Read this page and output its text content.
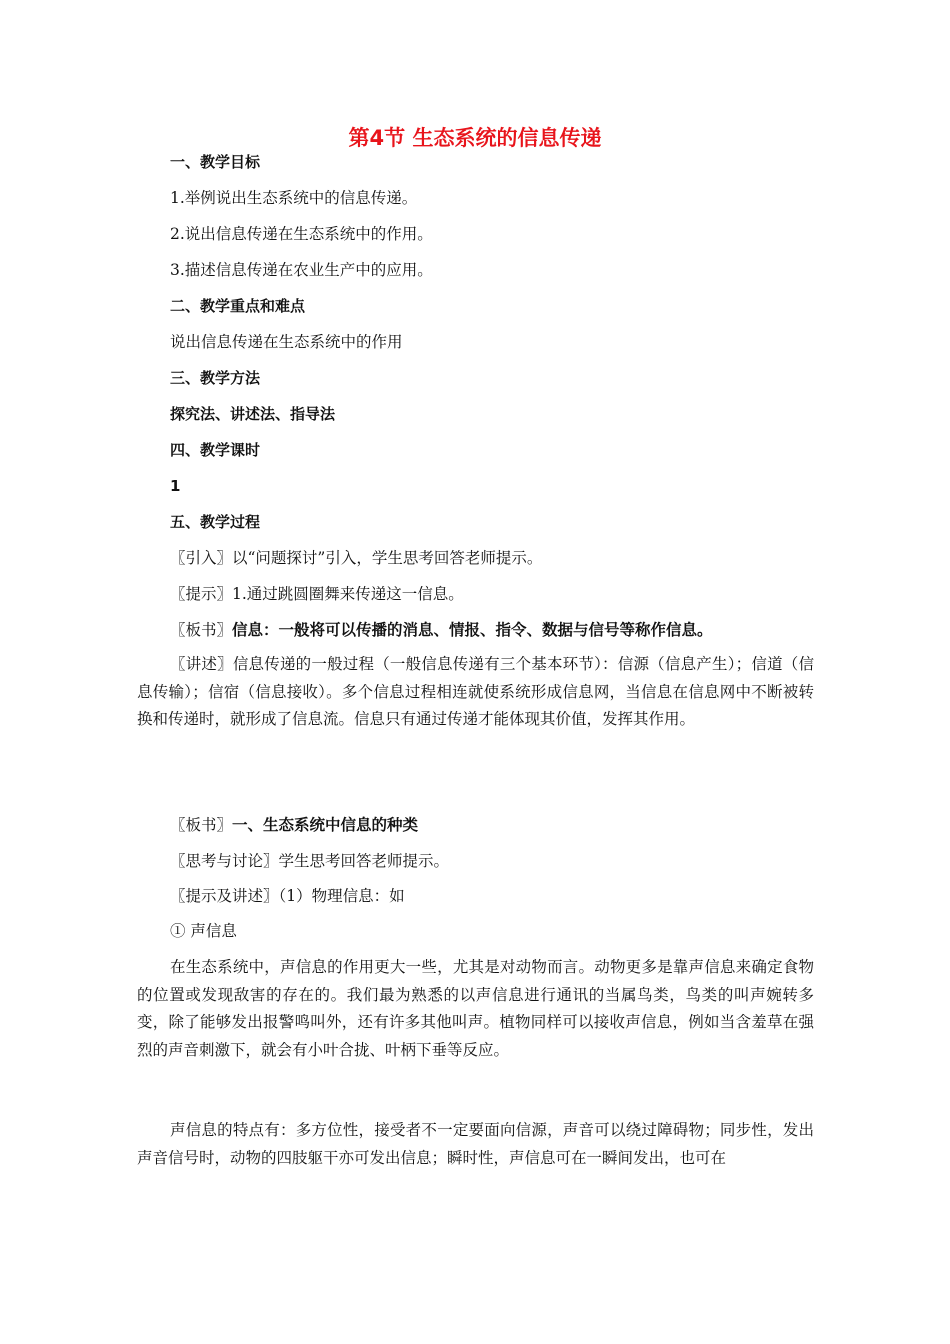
第4节 生态系统的信息传递

一、教学目标

1.举例说出生态系统中的信息传递。

2.说出信息传递在生态系统中的作用。

3.描述信息传递在农业生产中的应用。

二、教学重点和难点

说出信息传递在生态系统中的作用

三、教学方法

探究法、讲述法、指导法

四、教学课时

1

五、教学过程

〖引入〗以“问题探讨”引入，学生思考回答老师提示。

〖提示〗1.通过跳圆圈舞来传递这一信息。

〖板书〗信息：一般将可以传播的消息、情报、指令、数据与信号等称作信息。

〖讲述〗信息传递的一般过程（一般信息传递有三个基本环节）：信源（信息产生）；信道（信息传输）；信宿（信息接收）。多个信息过程相连就使系统形成信息网，当信息在信息网中不断被转换和传递时，就形成了信息流。信息只有通过传递才能体现其价值，发挥其作用。

〖板书〗一、生态系统中信息的种类

〖思考与讨论〗学生思考回答老师提示。

〖提示及讲述〗（1）物理信息：如

① 声信息

在生态系统中，声信息的作用更大一些，尤其是对动物而言。动物更多是靠声信息来确定食物的位置或发现敌害的存在的。我们最为熟悉的以声信息进行通讯的当属鸟类，鸟类的叫声婉转多变，除了能够发出报警鸣叫外，还有许多其他叫声。植物同样可以接收声信息，例如当含羞草在强烈的声音刺激下，就会有小叶合拢、叶柄下垂等反应。

声信息的特点有：多方位性，接受者不一定要面向信源，声音可以绕过障碍物；同步性，发出声音信号时，动物的四肢躯干亦可发出信息；瞬时性，声信息可在一瞬间发出，也可在
